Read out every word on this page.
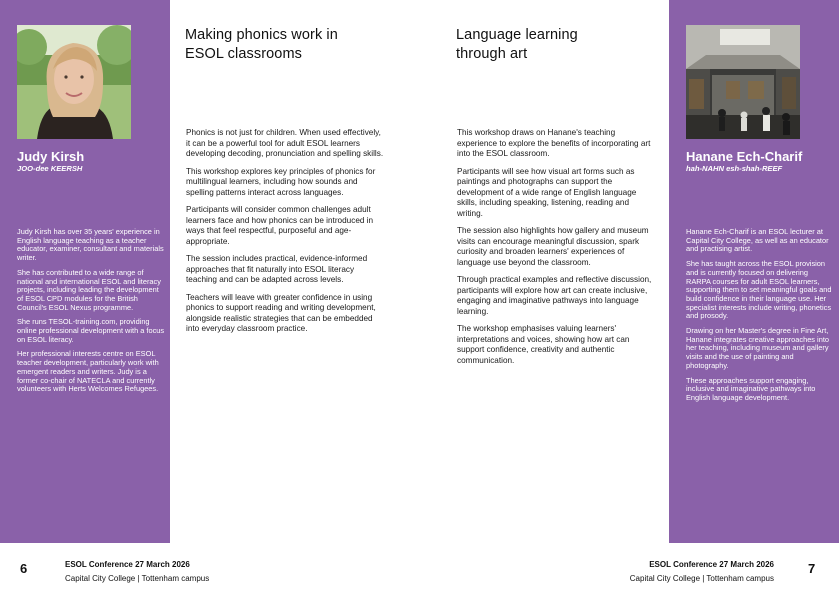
Judy Kirsh
JOO-dee KEERSH

Judy Kirsh has over 35 years' experience in English language teaching as a teacher educator, examiner, consultant and materials writer.

She has contributed to a wide range of national and international ESOL and literacy projects, including leading the development of ESOL CPD modules for the British Council's ESOL Nexus programme.

She runs TESOL-training.com, providing online professional development with a focus on ESOL literacy.

Her professional interests centre on ESOL teacher development, particularly work with emergent readers and writers. Judy is a former co-chair of NATECLA and currently volunteers with Herts Welcomes Refugees.

Making phonics work in
ESOL classrooms

Phonics is not just for children. When used effectively, it can be a powerful tool for adult ESOL learners developing decoding, pronunciation and spelling skills.

This workshop explores key principles of phonics for multilingual learners, including how sounds and spelling patterns interact across languages.

Participants will consider common challenges adult learners face and how phonics can be introduced in ways that feel respectful, purposeful and age-appropriate.

The session includes practical, evidence-informed approaches that fit naturally into ESOL literacy teaching and can be adapted across levels.

Teachers will leave with greater confidence in using phonics to support reading and writing development, alongside realistic strategies that can be embedded into everyday classroom practice.

Language learning
through art

This workshop draws on Hanane's teaching experience to explore the benefits of incorporating art into the ESOL classroom.

Participants will see how visual art forms such as paintings and photographs can support the development of a wide range of English language skills, including speaking, listening, reading and writing.

The session also highlights how gallery and museum visits can encourage meaningful discussion, spark curiosity and broaden learners' experiences of language use beyond the classroom.

Through practical examples and reflective discussion, participants will explore how art can create inclusive, engaging and imaginative pathways into language learning.

The workshop emphasises valuing learners' interpretations and voices, showing how art can support confidence, creativity and authentic communication.

Hanane Ech-Charif
hah-NAHN esh-shah-REEF

Hanane Ech-Charif is an ESOL lecturer at Capital City College, as well as an educator and practising artist.

She has taught across the ESOL provision and is currently focused on delivering RARPA courses for adult ESOL learners, supporting them to set meaningful goals and build confidence in their language use. Her specialist interests include writing, phonetics and prosody.

Drawing on her Master's degree in Fine Art, Hanane integrates creative approaches into her teaching, including museum and gallery visits and the use of painting and photography.

These approaches support engaging, inclusive and imaginative pathways into English language development.

6	ESOL Conference 27 March 2026
Capital City College | Tottenham campus
ESOL Conference 27 March 2026
Capital City College | Tottenham campus
7
